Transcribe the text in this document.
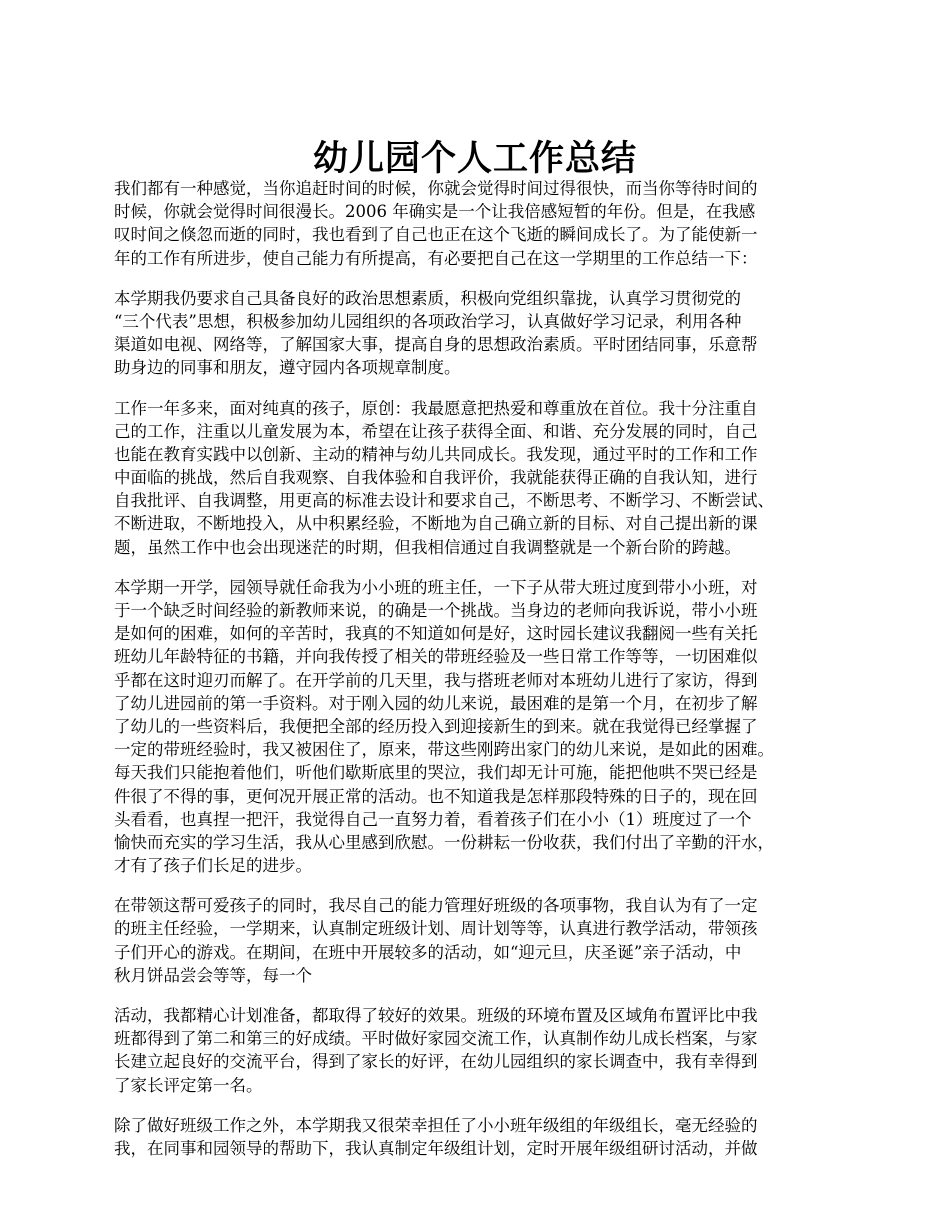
幼儿园个人工作总结
我们都有一种感觉，当你追赶时间的时候，你就会觉得时间过得很快，而当你等待时间的
时候，你就会觉得时间很漫长。2006 年确实是一个让我倍感短暂的年份。但是，在我感
叹时间之倏忽而逝的同时，我也看到了自己也正在这个飞逝的瞬间成长了。为了能使新一
年的工作有所进步，使自己能力有所提高，有必要把自己在这一学期里的工作总结一下：
本学期我仍要求自己具备良好的政治思想素质，积极向党组织靠拢，认真学习贯彻党的
“三个代表”思想，积极参加幼儿园组织的各项政治学习，认真做好学习记录，利用各种
渠道如电视、网络等，了解国家大事，提高自身的思想政治素质。平时团结同事，乐意帮
助身边的同事和朋友，遵守园内各项规章制度。
工作一年多来，面对纯真的孩子，原创：我最愿意把热爱和尊重放在首位。我十分注重自
己的工作，注重以儿童发展为本，希望在让孩子获得全面、和谐、充分发展的同时，自己
也能在教育实践中以创新、主动的精神与幼儿共同成长。我发现，通过平时的工作和工作
中面临的挑战，然后自我观察、自我体验和自我评价，我就能获得正确的自我认知，进行
自我批评、自我调整，用更高的标准去设计和要求自己，不断思考、不断学习、不断尝试、
不断进取，不断地投入，从中积累经验，不断地为自己确立新的目标、对自己提出新的课
题，虽然工作中也会出现迷茫的时期，但我相信通过自我调整就是一个新台阶的跨越。
本学期一开学，园领导就任命我为小小班的班主任，一下子从带大班过度到带小小班，对
于一个缺乏时间经验的新教师来说，的确是一个挑战。当身边的老师向我诉说，带小小班
是如何的困难，如何的辛苦时，我真的不知道如何是好，这时园长建议我翻阅一些有关托
班幼儿年龄特征的书籍，并向我传授了相关的带班经验及一些日常工作等等，一切困难似
乎都在这时迎刃而解了。在开学前的几天里，我与搭班老师对本班幼儿进行了家访，得到
了幼儿进园前的第一手资料。对于刚入园的幼儿来说，最困难的是第一个月，在初步了解
了幼儿的一些资料后，我便把全部的经历投入到迎接新生的到来。就在我觉得已经掌握了
一定的带班经验时，我又被困住了，原来，带这些刚跨出家门的幼儿来说，是如此的困难。
每天我们只能抱着他们，听他们歇斯底里的哭泣，我们却无计可施，能把他哄不哭已经是
件很了不得的事，更何况开展正常的活动。也不知道我是怎样那段特殊的日子的，现在回
头看看，也真捏一把汗，我觉得自己一直努力着，看着孩子们在小小（1）班度过了一个
愉快而充实的学习生活，我从心里感到欣慰。一份耕耘一份收获，我们付出了辛勤的汗水，
才有了孩子们长足的进步。
在带领这帮可爱孩子的同时，我尽自己的能力管理好班级的各项事物，我自认为有了一定
的班主任经验，一学期来，认真制定班级计划、周计划等等，认真进行教学活动，带领孩
子们开心的游戏。在期间，在班中开展较多的活动，如“迎元旦，庆圣诞”亲子活动，中
秋月饼品尝会等等，每一个
活动，我都精心计划准备，都取得了较好的效果。班级的环境布置及区域角布置评比中我
班都得到了第二和第三的好成绩。平时做好家园交流工作，认真制作幼儿成长档案，与家
长建立起良好的交流平台，得到了家长的好评，在幼儿园组织的家长调查中，我有幸得到
了家长评定第一名。
除了做好班级工作之外，本学期我又很荣幸担任了小小班年级组的年级组长，毫无经验的
我，在同事和园领导的帮助下，我认真制定年级组计划，定时开展年级组研讨活动，并做
